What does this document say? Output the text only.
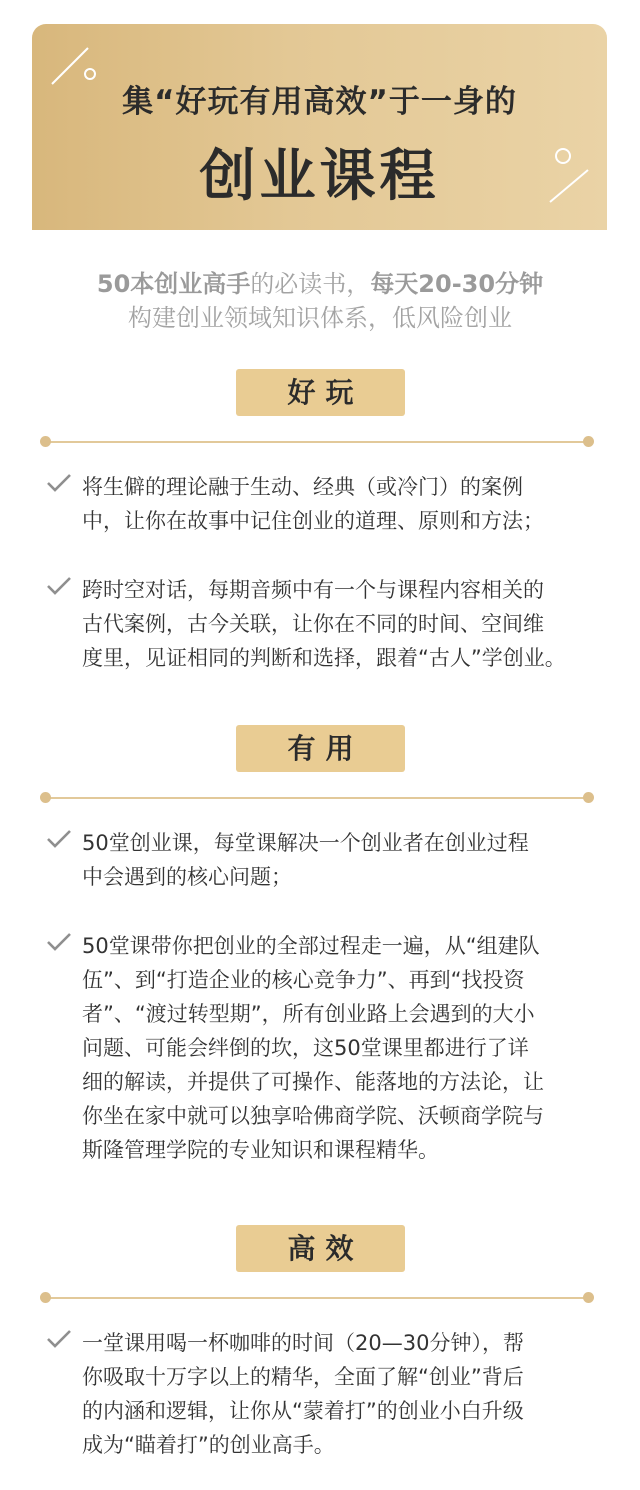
集“好玩有用高效”于一身的
创业课程
50本创业高手的必读书，每天20-30分钟
构建创业领域知识体系，低风险创业
好玩
将生僻的理论融于生动、经典（或冷门）的案例
中，让你在故事中记住创业的道理、原则和方法；
跨时空对话，每期音频中有一个与课程内容相关的
古代案例，古今关联，让你在不同的时间、空间维
度里，见证相同的判断和选择，跟着“古人”学创业。
有用
50堂创业课，每堂课解决一个创业者在创业过程
中会遇到的核心问题；
50堂课带你把创业的全部过程走一遍，从“组建队
伍”、到“打造企业的核心竞争力”、再到“找投资
者”、“渡过转型期”，所有创业路上会遇到的大小
问题、可能会绊倒的坎，这50堂课里都进行了详
细的解读，并提供了可操作、能落地的方法论，让
你坐在家中就可以独享哈佛商学院、沃顿商学院与
斯隆管理学院的专业知识和课程精华。
高效
一堂课用喝一杯咖啡的时间（20—30分钟），帮
你吸取十万字以上的精华，全面了解“创业”背后
的内涵和逻辑，让你从“蒙着打”的创业小白升级
成为“瞄着打”的创业高手。
